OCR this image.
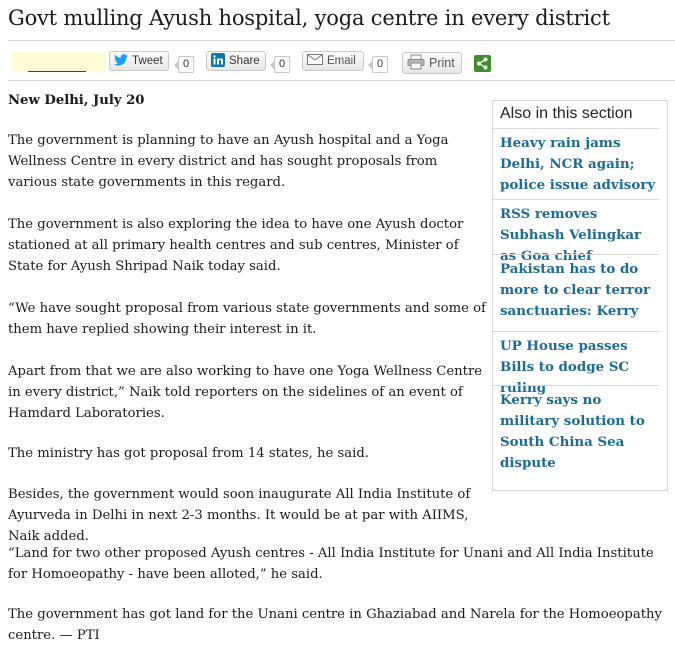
Govt mulling Ayush hospital, yoga centre in every district
Tweet	0	Share	0	Email	0	Print
New Delhi, July 20

The government is planning to have an Ayush hospital and a Yoga Wellness Centre in every district and has sought proposals from various state governments in this regard.

The government is also exploring the idea to have one Ayush doctor stationed at all primary health centres and sub centres, Minister of State for Ayush Shripad Naik today said.

“We have sought proposal from various state governments and some of them have replied showing their interest in it.

Apart from that we are also working to have one Yoga Wellness Centre in every district,” Naik told reporters on the sidelines of an event of Hamdard Laboratories.

The ministry has got proposal from 14 states, he said.

Besides, the government would soon inaugurate All India Institute of Ayurveda in Delhi in next 2-3 months. It would be at par with AIIMS, Naik added.

“Land for two other proposed Ayush centres - All India Institute for Unani and All India Institute for Homoeopathy - have been alloted,” he said.

The government has got land for the Unani centre in Ghaziabad and Narela for the Homoeopathy centre. — PTI

Also in this section
Heavy rain jams Delhi, NCR again; police issue advisory
RSS removes Subhash Velingkar as Goa chief
Pakistan has to do more to clear terror sanctuaries: Kerry
UP House passes Bills to dodge SC ruling
Kerry says no military solution to South China Sea dispute
